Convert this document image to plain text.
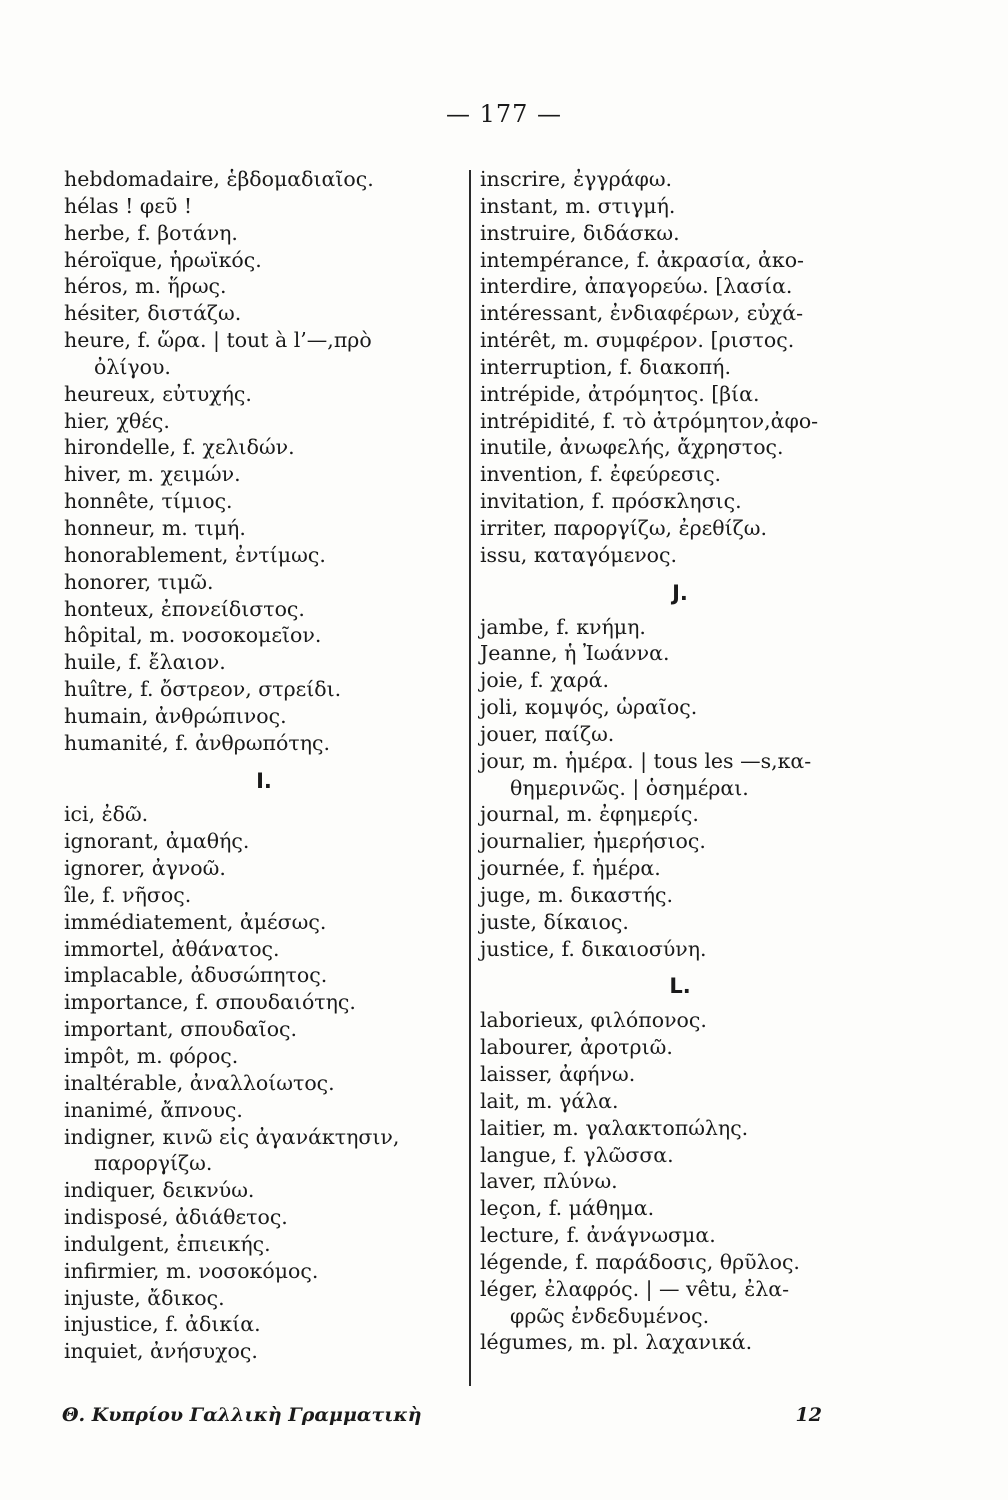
— 177 —
hebdomadaire, ἑβδομαδιαῖος.
hélas ! φεῦ !
herbe, f. βοτάνη.
héroïque, ἡρωϊκός.
héros, m. ἥρως.
hésiter, διστάζω.
heure, f. ὥρα. | tout à l’—,πρὸ
ὀλίγου.
heureux, εὐτυχής.
hier, χθές.
hirondelle, f. χελιδών.
hiver, m. χειμών.
honnête, τίμιος.
honneur, m. τιμή.
honorablement, ἐντίμως.
honorer, τιμῶ.
honteux, ἐπονείδιστος.
hôpital, m. νοσοκομεῖον.
huile, f. ἔλαιον.
huître, f. ὄστρεον, στρείδι.
humain, ἀνθρώπινος.
humanité, f. ἀνθρωπότης.
I.
ici, ἐδῶ.
ignorant, ἀμαθής.
ignorer, ἀγνοῶ.
île, f. νῆσος.
immédiatement, ἀμέσως.
immortel, ἀθάνατος.
implacable, ἀδυσώπητος.
importance, f. σπουδαιότης.
important, σπουδαῖος.
impôt, m. φόρος.
inaltérable, ἀναλλοίωτος.
inanimé, ἄπνους.
indigner, κινῶ εἰς ἀγανάκτησιν,
παροργίζω.
indiquer, δεικνύω.
indisposé, ἀδιάθετος.
indulgent, ἐπιεικής.
infirmier, m. νοσοκόμος.
injuste, ἄδικος.
injustice, f. ἀδικία.
inquiet, ἀνήσυχος.
inscrire, ἐγγράφω.
instant, m. στιγμή.
instruire, διδάσκω.
intempérance, f. ἀκρασία, ἀκο-
interdire, ἀπαγορεύω. [λασία.
intéressant, ἐνδιαφέρων, εὐχά-
intérêt, m. συμφέρον. [ριστος.
interruption, f. διακοπή.
intrépide, ἀτρόμητος. [βία.
intrépidité, f. τὸ ἀτρόμητον,ἀφο-
inutile, ἀνωφελής, ἄχρηστος.
invention, f. ἐφεύρεσις.
invitation, f. πρόσκλησις.
irriter, παροργίζω, ἐρεθίζω.
issu, καταγόμενος.
J.
jambe, f. κνήμη.
Jeanne, ἡ Ἰωάννα.
joie, f. χαρά.
joli, κομψός, ὡραῖος.
jouer, παίζω.
jour, m. ἡμέρα. | tous les —s,κα-
θημερινῶς. | ὁσημέραι.
journal, m. ἐφημερίς.
journalier, ἡμερήσιος.
journée, f. ἡμέρα.
juge, m. δικαστής.
juste, δίκαιος.
justice, f. δικαιοσύνη.
L.
laborieux, φιλόπονος.
labourer, ἀροτριῶ.
laisser, ἀφήνω.
lait, m. γάλα.
laitier, m. γαλακτοπώλης.
langue, f. γλῶσσα.
laver, πλύνω.
leçon, f. μάθημα.
lecture, f. ἀνάγνωσμα.
légende, f. παράδοσις, θρῦλος.
léger, ἐλαφρός. | — vêtu, ἐλα-
φρῶς ἐνδεδυμένος.
légumes, m. pl. λαχανικά.
Θ. Κυπρίου Γαλλικὴ Γραμματικὴ	12
